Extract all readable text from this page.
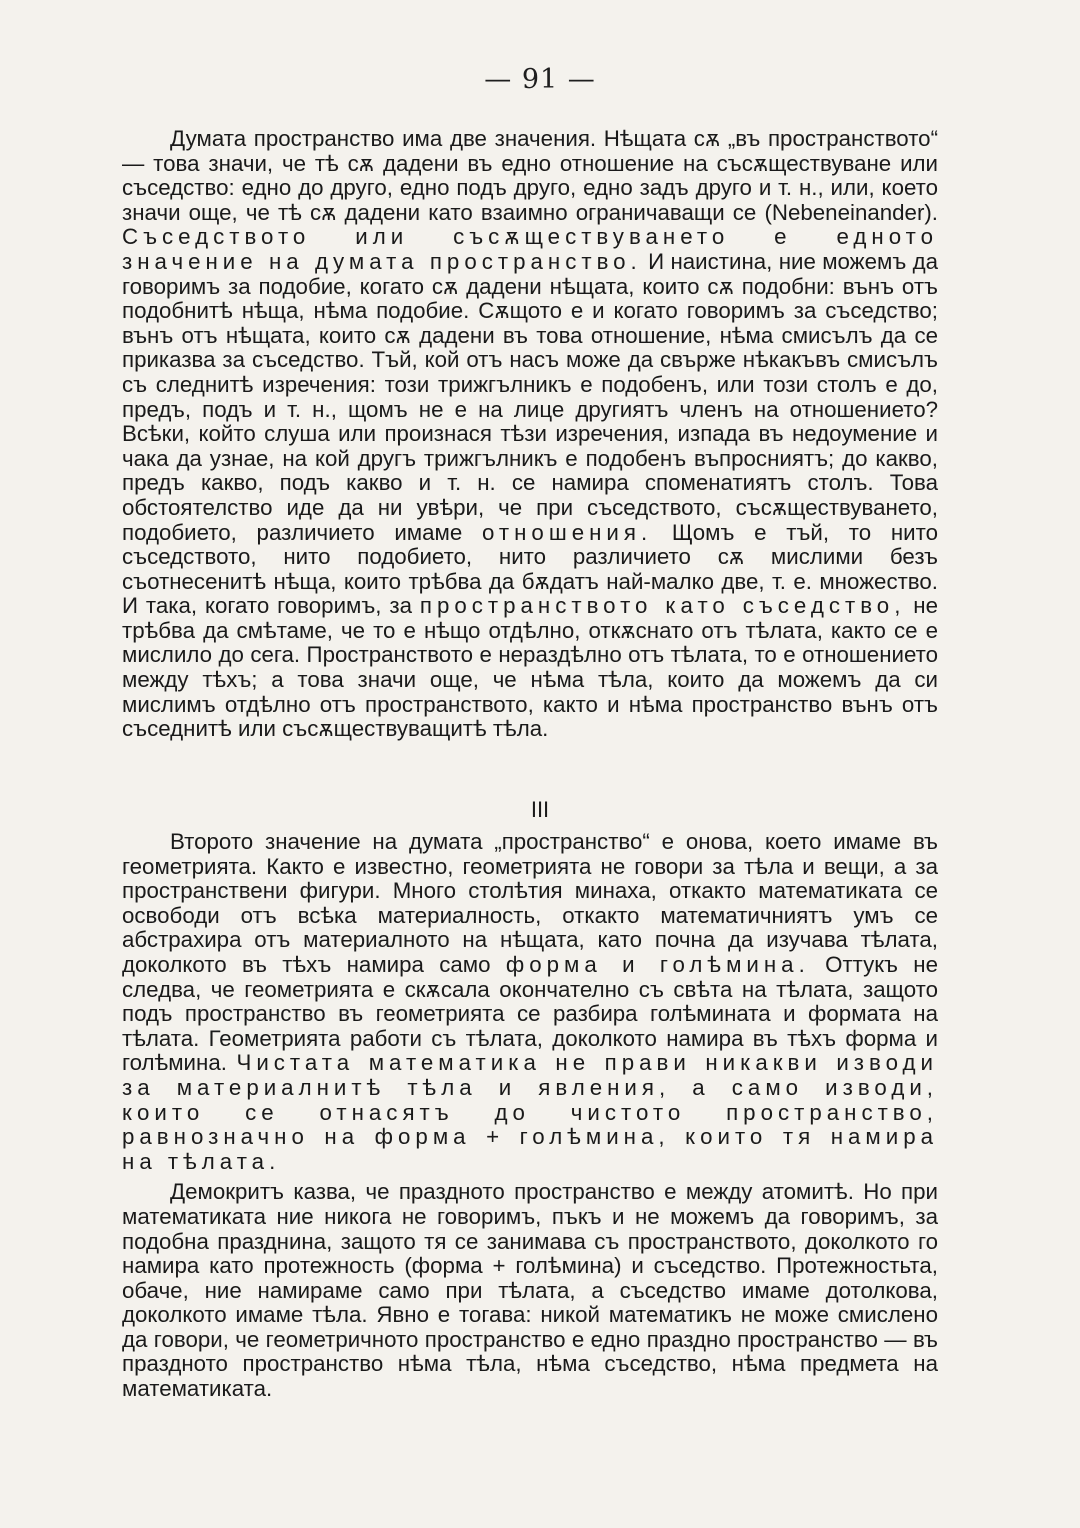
— 91 —

Думата пространство има две значения. Нѣщата сѫ „въ пространството“ — това значи, че тѣ сѫ дадени въ едно отношение на съсѫществуване или съседство: едно до друго, едно подъ друго, едно задъ друго и т. н., или, което значи още, че тѣ сѫ дадени като взаимно ограничаващи се (Nebeneinander). Съседството или съсѫществуването е едното значение на думата пространство. И наистина, ние можемъ да говоримъ за подобие, когато сѫ дадени нѣщата, които сѫ подобни: вънъ отъ подобнитѣ нѣща, нѣма подобие. Сѫщото е и когато говоримъ за съседство; вънъ отъ нѣщата, които сѫ дадени въ това отношение, нѣма смисълъ да се приказва за съседство. Тъй, кой отъ насъ може да свърже нѣкакъвъ смисълъ съ следнитѣ изречения: този трижгълникъ е подобенъ, или този столъ е до, предъ, подъ и т. н., щомъ не е на лице другиятъ членъ на отношението? Всѣки, който слуша или произнася тѣзи изречения, изпада въ недоумение и чака да узнае, на кой другъ трижгълникъ е подобенъ въпросниятъ; до какво, предъ какво, подъ какво и т. н. се намира споменатиятъ столъ. Това обстоятелство иде да ни увѣри, че при съседството, съсѫществуването, подобието, различието имаме отношения. Щомъ е тъй, то нито съседството, нито подобието, нито различието сѫ мислими безъ съотнесенитѣ нѣща, които трѣбва да бѫдатъ най-малко две, т. е. множество. И така, когато говоримъ, за пространството като съседство, не трѣбва да смѣтаме, че то е нѣщо отдѣлно, откѫснато отъ тѣлата, както се е мислило до сега. Пространството е нераздѣлно отъ тѣлата, то е отношението между тѣхъ; а това значи още, че нѣма тѣла, които да можемъ да си мислимъ отдѣлно отъ пространството, както и нѣма пространство вънъ отъ съседнитѣ или съсѫществуващитѣ тѣла.

III

Второто значение на думата „пространство“ е онова, което имаме въ геометрията. Както е известно, геометрията не говори за тѣла и вещи, а за пространствени фигури. Много столѣтия минаха, откакто математиката се освободи отъ всѣка материалность, откакто математичниятъ умъ се абстрахира отъ материалното на нѣщата, като почна да изучава тѣлата, доколкото въ тѣхъ намира само форма и голѣмина. Оттукъ не следва, че геометрията е скѫсала окончателно съ свѣта на тѣлата, защото подъ пространство въ геометрията се разбира голѣмината и формата на тѣлата. Геометрията работи съ тѣлата, доколкото намира въ тѣхъ форма и голѣмина. Чистата математика не прави никакви изводи за материалнитѣ тѣла и явления, а само изводи, които се отнасятъ до чистото пространство, равнозначно на форма + голѣмина, които тя намира на тѣлата.

Демокритъ казва, че праздното пространство е между атомитѣ. Но при математиката ние никога не говоримъ, пъкъ и не можемъ да говоримъ, за подобна празднина, защото тя се занимава съ пространството, доколкото го намира като протежность (форма + голѣмина) и съседство. Протежностьта, обаче, ние намираме само при тѣлата, а съседство имаме дотолкова, доколкото имаме тѣла. Явно е тогава: никой математикъ не може смислено да говори, че геометричното пространство е едно праздно пространство — въ праздното пространство нѣма тѣла, нѣма съседство, нѣма предмета на математиката.
